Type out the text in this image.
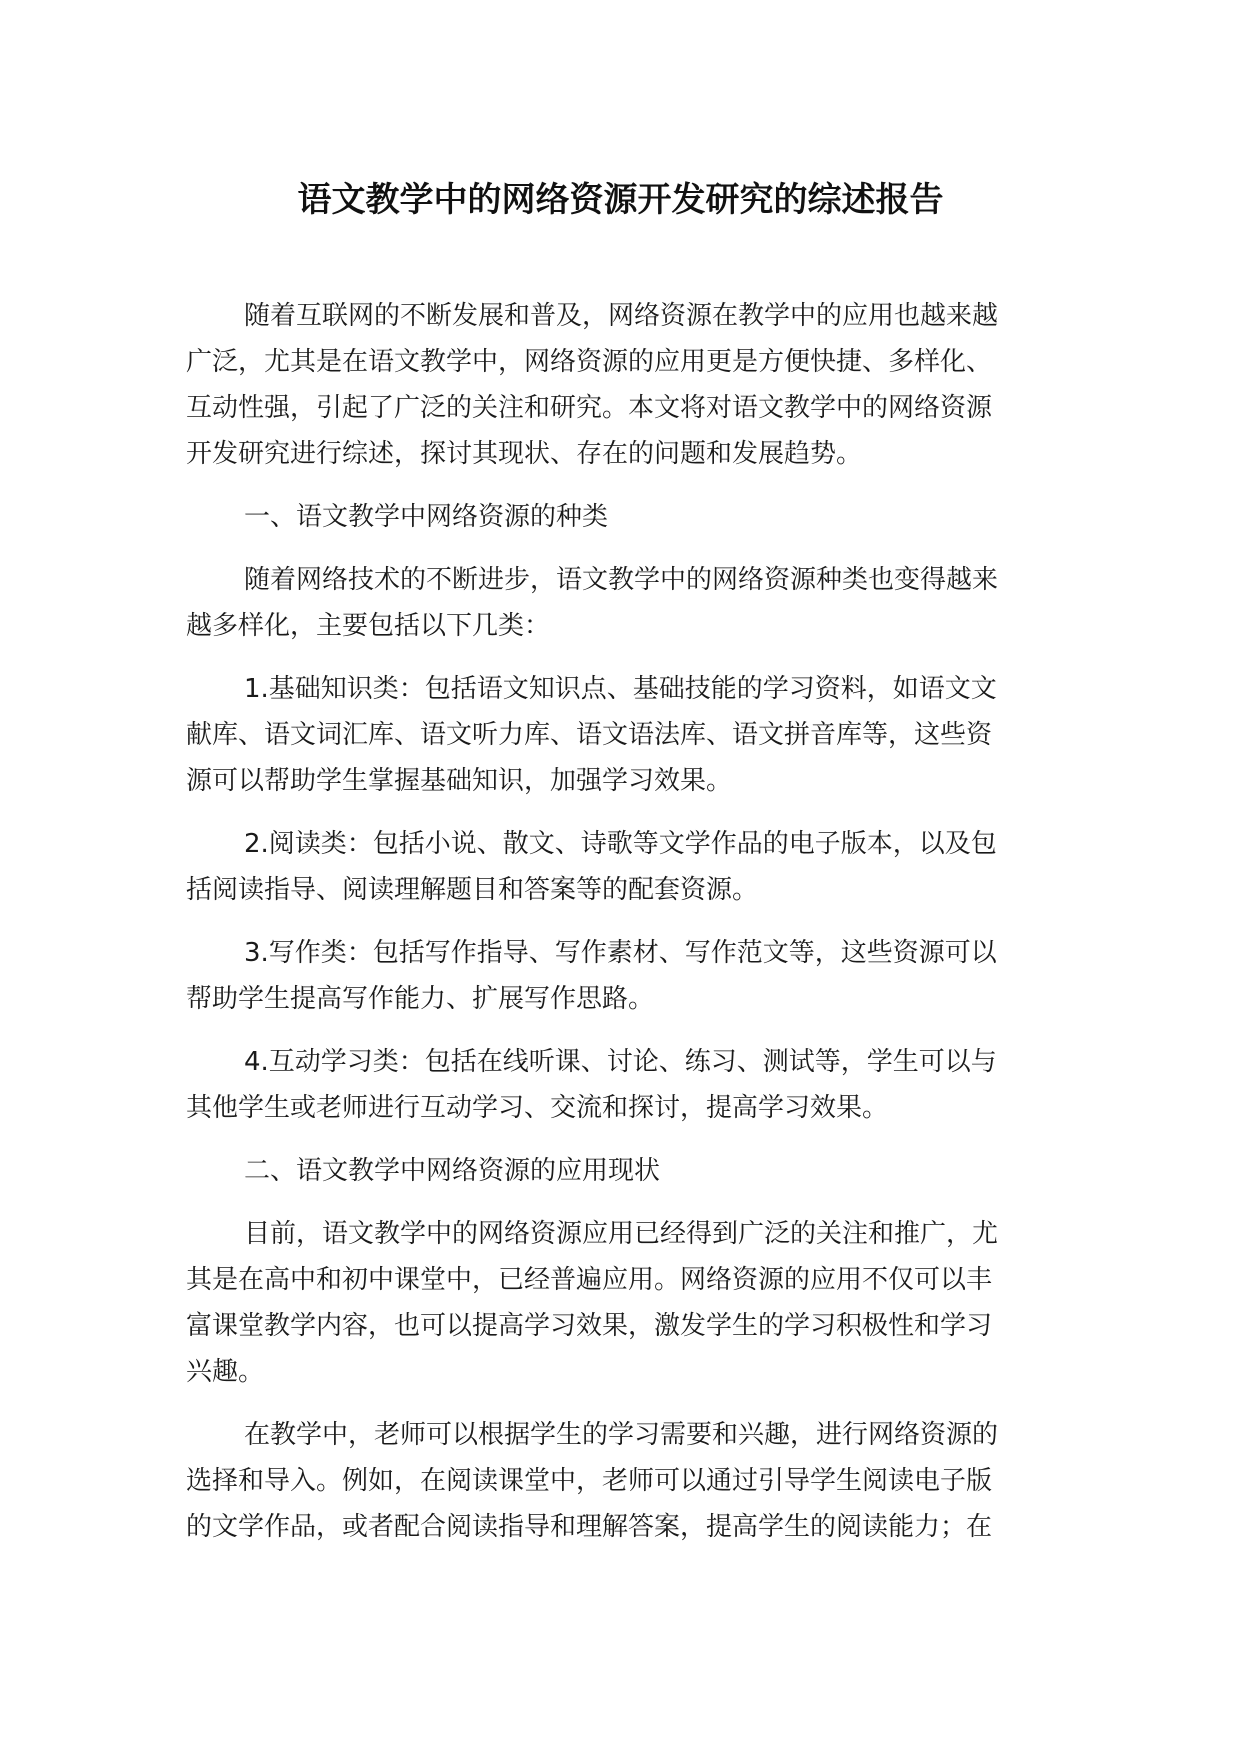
语文教学中的网络资源开发研究的综述报告
随着互联网的不断发展和普及，网络资源在教学中的应用也越来越
广泛，尤其是在语文教学中，网络资源的应用更是方便快捷、多样化、
互动性强，引起了广泛的关注和研究。本文将对语文教学中的网络资源
开发研究进行综述，探讨其现状、存在的问题和发展趋势。
一、语文教学中网络资源的种类
随着网络技术的不断进步，语文教学中的网络资源种类也变得越来
越多样化，主要包括以下几类：
1.基础知识类：包括语文知识点、基础技能的学习资料，如语文文
献库、语文词汇库、语文听力库、语文语法库、语文拼音库等，这些资
源可以帮助学生掌握基础知识，加强学习效果。
2.阅读类：包括小说、散文、诗歌等文学作品的电子版本，以及包
括阅读指导、阅读理解题目和答案等的配套资源。
3.写作类：包括写作指导、写作素材、写作范文等，这些资源可以
帮助学生提高写作能力、扩展写作思路。
4.互动学习类：包括在线听课、讨论、练习、测试等，学生可以与
其他学生或老师进行互动学习、交流和探讨，提高学习效果。
二、语文教学中网络资源的应用现状
目前，语文教学中的网络资源应用已经得到广泛的关注和推广，尤
其是在高中和初中课堂中，已经普遍应用。网络资源的应用不仅可以丰
富课堂教学内容，也可以提高学习效果，激发学生的学习积极性和学习
兴趣。
在教学中，老师可以根据学生的学习需要和兴趣，进行网络资源的
选择和导入。例如，在阅读课堂中，老师可以通过引导学生阅读电子版
的文学作品，或者配合阅读指导和理解答案，提高学生的阅读能力；在
